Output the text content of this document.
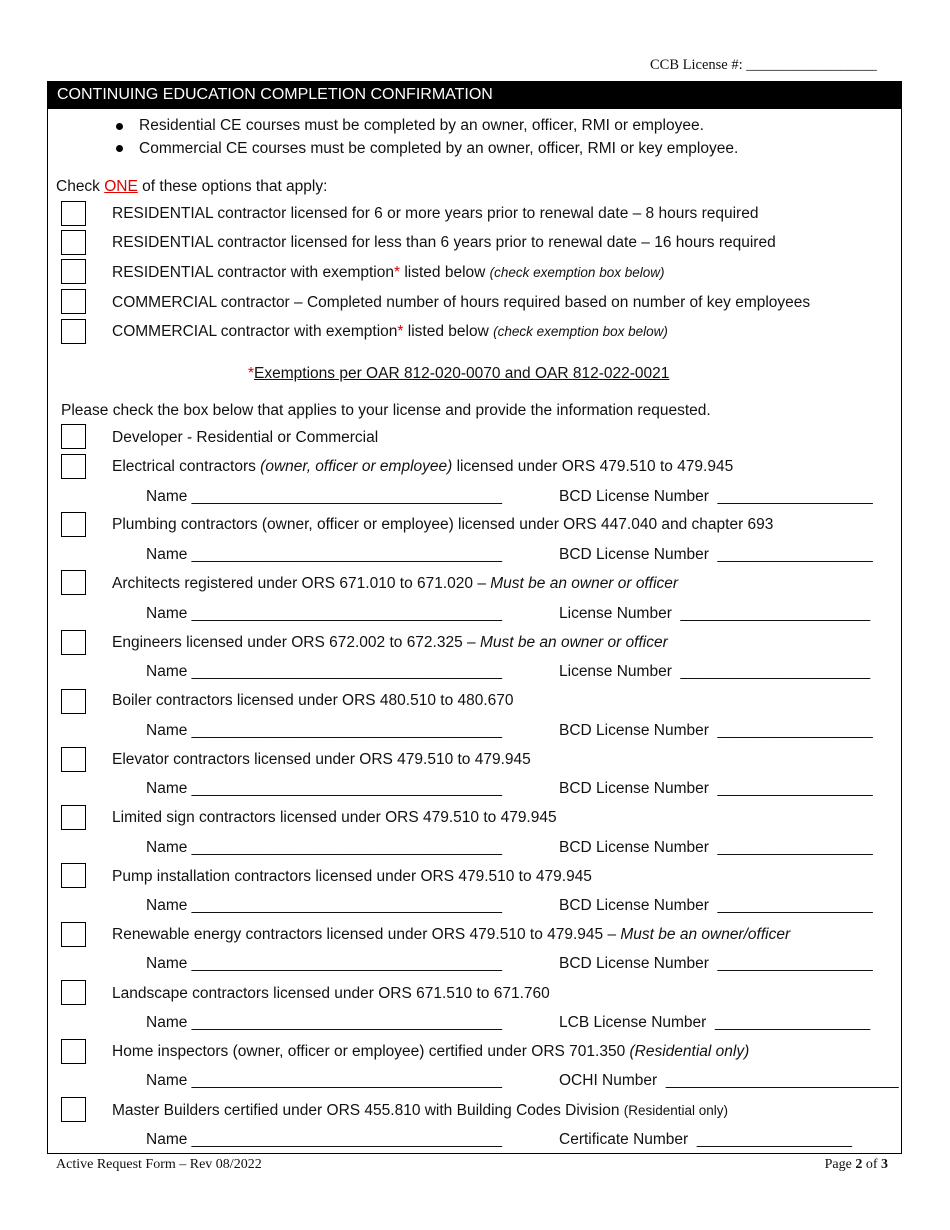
CCB License #: __________________
CONTINUING EDUCATION COMPLETION CONFIRMATION
Residential CE courses must be completed by an owner, officer, RMI or employee.
Commercial CE courses must be completed by an owner, officer, RMI or key employee.
Check ONE of these options that apply:
RESIDENTIAL contractor licensed for 6 or more years prior to renewal date – 8 hours required
RESIDENTIAL contractor licensed for less than 6 years prior to renewal date – 16 hours required
RESIDENTIAL contractor with exemption* listed below (check exemption box below)
COMMERCIAL contractor – Completed number of hours required based on number of key employees
COMMERCIAL contractor with exemption* listed below (check exemption box below)
*Exemptions per OAR 812-020-0070 and OAR 812-022-0021
Please check the box below that applies to your license and provide the information requested.
Developer - Residential or Commercial
Electrical contractors (owner, officer or employee) licensed under ORS 479.510 to 479.945
Name ____________________________________	BCD License Number __________________
Plumbing contractors (owner, officer or employee) licensed under ORS 447.040 and chapter 693
Name ____________________________________	BCD License Number __________________
Architects registered under ORS 671.010 to 671.020 – Must be an owner or officer
Name ____________________________________	License Number ______________________
Engineers licensed under ORS 672.002 to 672.325 – Must be an owner or officer
Name ____________________________________	License Number ______________________
Boiler contractors licensed under ORS 480.510 to 480.670
Name ____________________________________	BCD License Number __________________
Elevator contractors licensed under ORS 479.510 to 479.945
Name ____________________________________	BCD License Number __________________
Limited sign contractors licensed under ORS 479.510 to 479.945
Name ____________________________________	BCD License Number __________________
Pump installation contractors licensed under ORS 479.510 to 479.945
Name ____________________________________	BCD License Number __________________
Renewable energy contractors licensed under ORS 479.510 to 479.945 – Must be an owner/officer
Name ____________________________________	BCD License Number __________________
Landscape contractors licensed under ORS 671.510 to 671.760
Name ____________________________________	LCB License Number __________________
Home inspectors (owner, officer or employee) certified under ORS 701.350 (Residential only)
Name ____________________________________	OCHI Number ___________________________
Master Builders certified under ORS 455.810 with Building Codes Division (Residential only)
Name ____________________________________	Certificate Number __________________
Active Request Form – Rev 08/2022	Page 2 of 3
